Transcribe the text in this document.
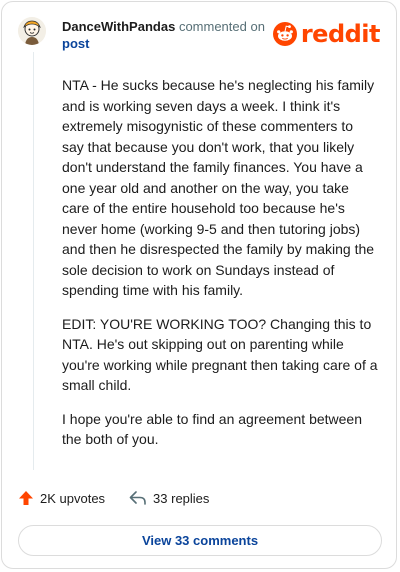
DanceWithPandas commented on
post	reddit

NTA - He sucks because he's neglecting his family and is working seven days a week. I think it's extremely misogynistic of these commenters to say that because you don't work, that you likely don't understand the family finances. You have a one year old and another on the way, you take care of the entire household too because he's never home (working 9-5 and then tutoring jobs) and then he disrespected the family by making the sole decision to work on Sundays instead of spending time with his family.

EDIT: YOU'RE WORKING TOO? Changing this to NTA. He's out skipping out on parenting while you're working while pregnant then taking care of a small child.

I hope you're able to find an agreement between the both of you.

2K upvotes	33 replies
View 33 comments
